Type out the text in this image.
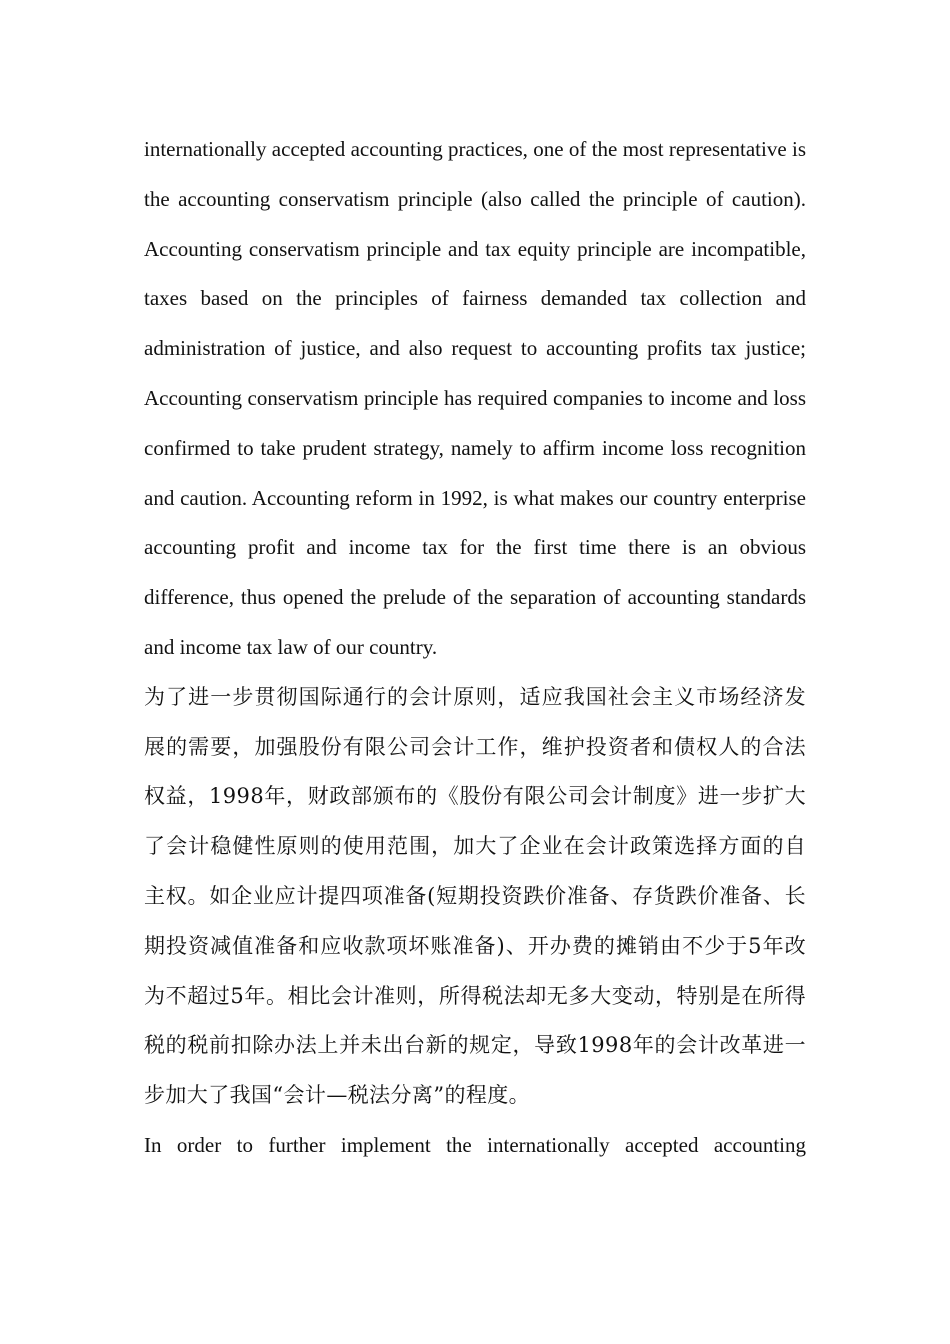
internationally accepted accounting practices, one of the most representative is the accounting conservatism principle (also called the principle of caution). Accounting conservatism principle and tax equity principle are incompatible, taxes based on the principles of fairness demanded tax collection and administration of justice, and also request to accounting profits tax justice; Accounting conservatism principle has required companies to income and loss confirmed to take prudent strategy, namely to affirm income loss recognition and caution. Accounting reform in 1992, is what makes our country enterprise accounting profit and income tax for the first time there is an obvious difference, thus opened the prelude of the separation of accounting standards and income tax law of our country.

为了进一步贯彻国际通行的会计原则，适应我国社会主义市场经济发展的需要，加强股份有限公司会计工作，维护投资者和债权人的合法权益，1998年，财政部颁布的《股份有限公司会计制度》进一步扩大了会计稳健性原则的使用范围，加大了企业在会计政策选择方面的自主权。如企业应计提四项准备(短期投资跌价准备、存货跌价准备、长期投资减值准备和应收款项坏账准备)、开办费的摊销由不少于5年改为不超过5年。相比会计准则，所得税法却无多大变动，特别是在所得税的税前扣除办法上并未出台新的规定，导致1998年的会计改革进一步加大了我国“会计—税法分离”的程度。

In order to further implement the internationally accepted accounting
